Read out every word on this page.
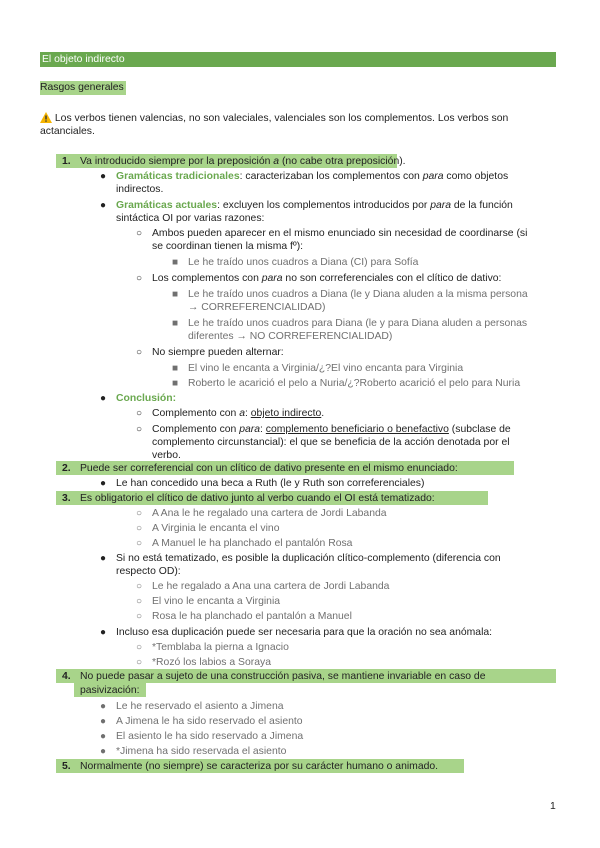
El objeto indirecto
Rasgos generales
Los verbos tienen valencias, no son valeciales, valenciales son los complementos. Los verbos son
actanciales.
1. Va introducido siempre por la preposición a (no cabe otra preposición).
● Gramáticas tradicionales: caracterizaban los complementos con para como objetos
indirectos.
● Gramáticas actuales: excluyen los complementos introducidos por para de la función
sintáctica OI por varias razones:
○ Ambos pueden aparecer en el mismo enunciado sin necesidad de coordinarse (si
se coordinan tienen la misma fº):
■ Le he traído unos cuadros a Diana (CI) para Sofía
○ Los complementos con para no son correferenciales con el clítico de dativo:
■ Le he traído unos cuadros a Diana (le y Diana aluden a la misma persona
→ CORREFERENCIALIDAD)
■ Le he traído unos cuadros para Diana (le y para Diana aluden a personas
diferentes → NO CORREFERENCIALIDAD)
○ No siempre pueden alternar:
■ El vino le encanta a Virginia/¿?El vino encanta para Virginia
■ Roberto le acarició el pelo a Nuria/¿?Roberto acarició el pelo para Nuria
● Conclusión:
○ Complemento con a: objeto indirecto.
○ Complemento con para: complemento beneficiario o benefactivo (subclase de
complemento circunstancial): el que se beneficia de la acción denotada por el
verbo.
2. Puede ser correferencial con un clítico de dativo presente en el mismo enunciado:
● Le han concedido una beca a Ruth (le y Ruth son correferenciales)
3. Es obligatorio el clítico de dativo junto al verbo cuando el OI está tematizado:
○ A Ana le he regalado una cartera de Jordi Labanda
○ A Virginia le encanta el vino
○ A Manuel le ha planchado el pantalón Rosa
● Si no está tematizado, es posible la duplicación clítico-complemento (diferencia con
respecto OD):
○ Le he regalado a Ana una cartera de Jordi Labanda
○ El vino le encanta a Virginia
○ Rosa le ha planchado el pantalón a Manuel
● Incluso esa duplicación puede ser necesaria para que la oración no sea anómala:
○ *Temblaba la pierna a Ignacio
○ *Rozó los labios a Soraya
4. No puede pasar a sujeto de una construcción pasiva, se mantiene invariable en caso de
pasivización:
● Le he reservado el asiento a Jimena
● A Jimena le ha sido reservado el asiento
● El asiento le ha sido reservado a Jimena
● *Jimena ha sido reservada el asiento
5. Normalmente (no siempre) se caracteriza por su carácter humano o animado.
1
